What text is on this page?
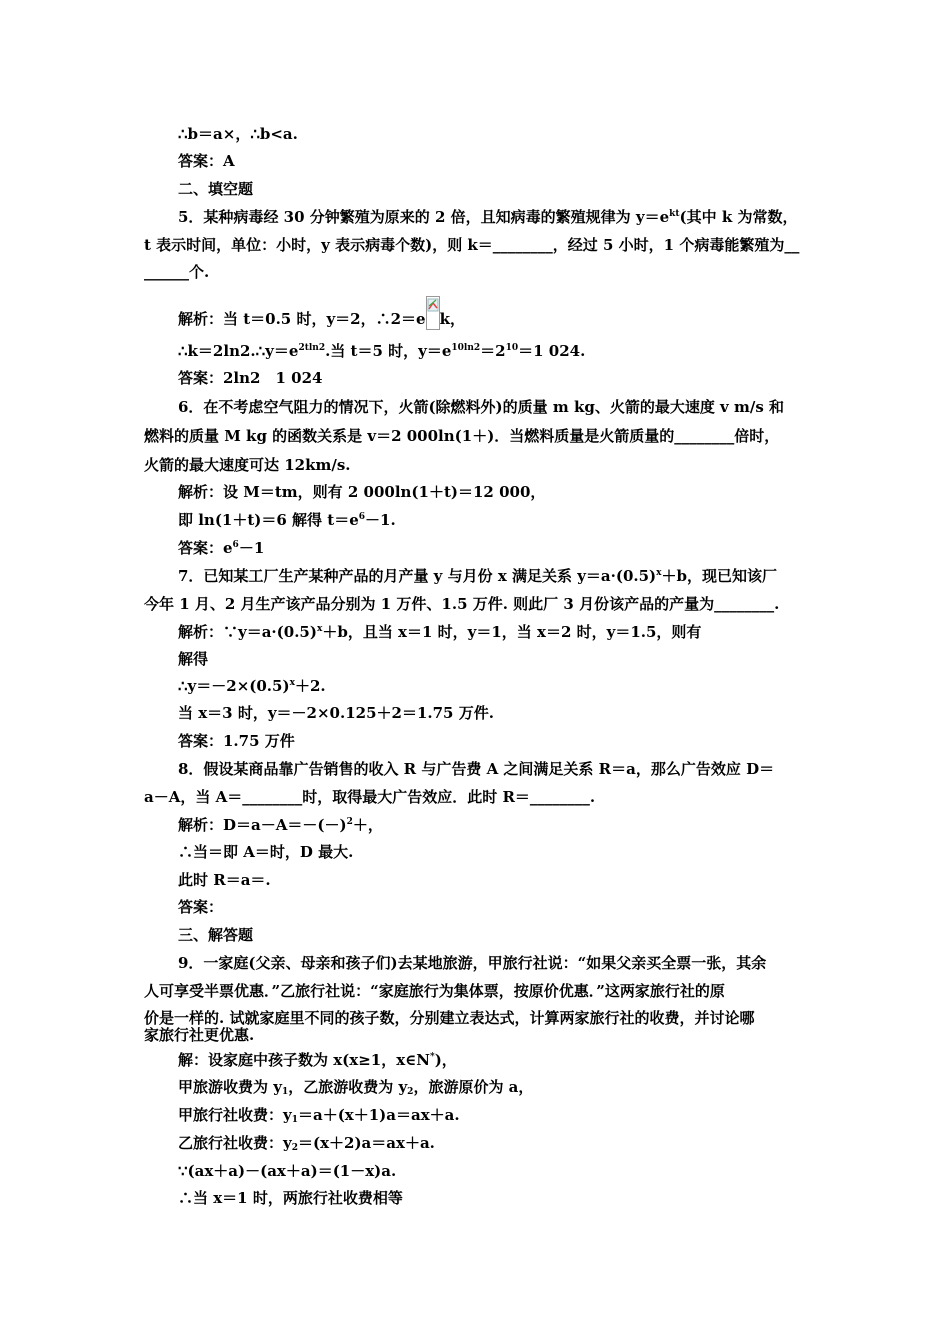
∴b＝a×，∴b<a.
答案：A
二、填空题
5．某种病毒经 30 分钟繁殖为原来的 2 倍，且知病毒的繁殖规律为 $y=e^{kt}$(其中 k 为常数，
t 表示时间，单位：小时，y 表示病毒个数)，则 k＝________，经过 5 小时，1 个病毒能繁殖为__
______个.
解析：当 t＝0.5 时，y＝2，∴2＝e k，
$\therefore k=2\ln 2.\therefore y=e^{2tln2}$.当 t＝5 时，$y=e^{10ln2}=2^{10}=1$ 024.
答案：2ln2　1 024
6．在不考虑空气阻力的情况下，火箭(除燃料外)的质量 m kg、火箭的最大速度 v m/s 和
燃料的质量 M kg 的函数关系是 v＝2 000ln(1＋)．当燃料质量是火箭质量的________倍时，
火箭的最大速度可达 12km/s.
解析：设 M＝tm，则有 2 000ln(1＋t)＝12 000，
即 ln(1＋t)＝6 解得 $t=e^6-1$.
答案：$e^6-1$
7．已知某工厂生产某种产品的月产量 y 与月份 x 满足关系 $y=a\cdot(0.5)^x+b$，现已知该厂
今年 1 月、2 月生产该产品分别为 1 万件、1.5 万件. 则此厂 3 月份该产品的产量为________.
解析：$\because y=a\cdot(0.5)^x+b$，且当 x＝1 时，y＝1，当 x＝2 时，y＝1.5，则有
解得
$\therefore y=-2\times(0.5)^x+2$.
当 x＝3 时，y＝－2×0.125＋2＝1.75 万件.
答案：1.75 万件
8．假设某商品靠广告销售的收入 R 与广告费 A 之间满足关系 R＝a，那么广告效应 D＝
a－A，当 A＝________时，取得最大广告效应．此时 R＝________.
解析：$D=a-A=-(-)^2+$，
∴当＝即 A＝时，D 最大.
此时 R＝a＝.
答案：
三、解答题
9．一家庭(父亲、母亲和孩子们)去某地旅游，甲旅行社说：“如果父亲买全票一张，其余
人可享受半票优惠．”乙旅行社说：“家庭旅行为集体票，按原价优惠．”这两家旅行社的原
价是一样的. 试就家庭里不同的孩子数，分别建立表达式，计算两家旅行社的收费，并讨论哪
家旅行社更优惠.
解：设家庭中孩子数为 x(x≥1，x∈N*)，
甲旅游收费为 $y_1$，乙旅游收费为 $y_2$，旅游原价为 a，
甲旅行社收费：$y_1=a+(x+1)a=ax+a$.
乙旅行社收费：$y_2=(x+2)a=ax+a$.
∵(ax＋a)－(ax＋a)＝(1－x)a.
∴当 x＝1 时，两旅行社收费相等
